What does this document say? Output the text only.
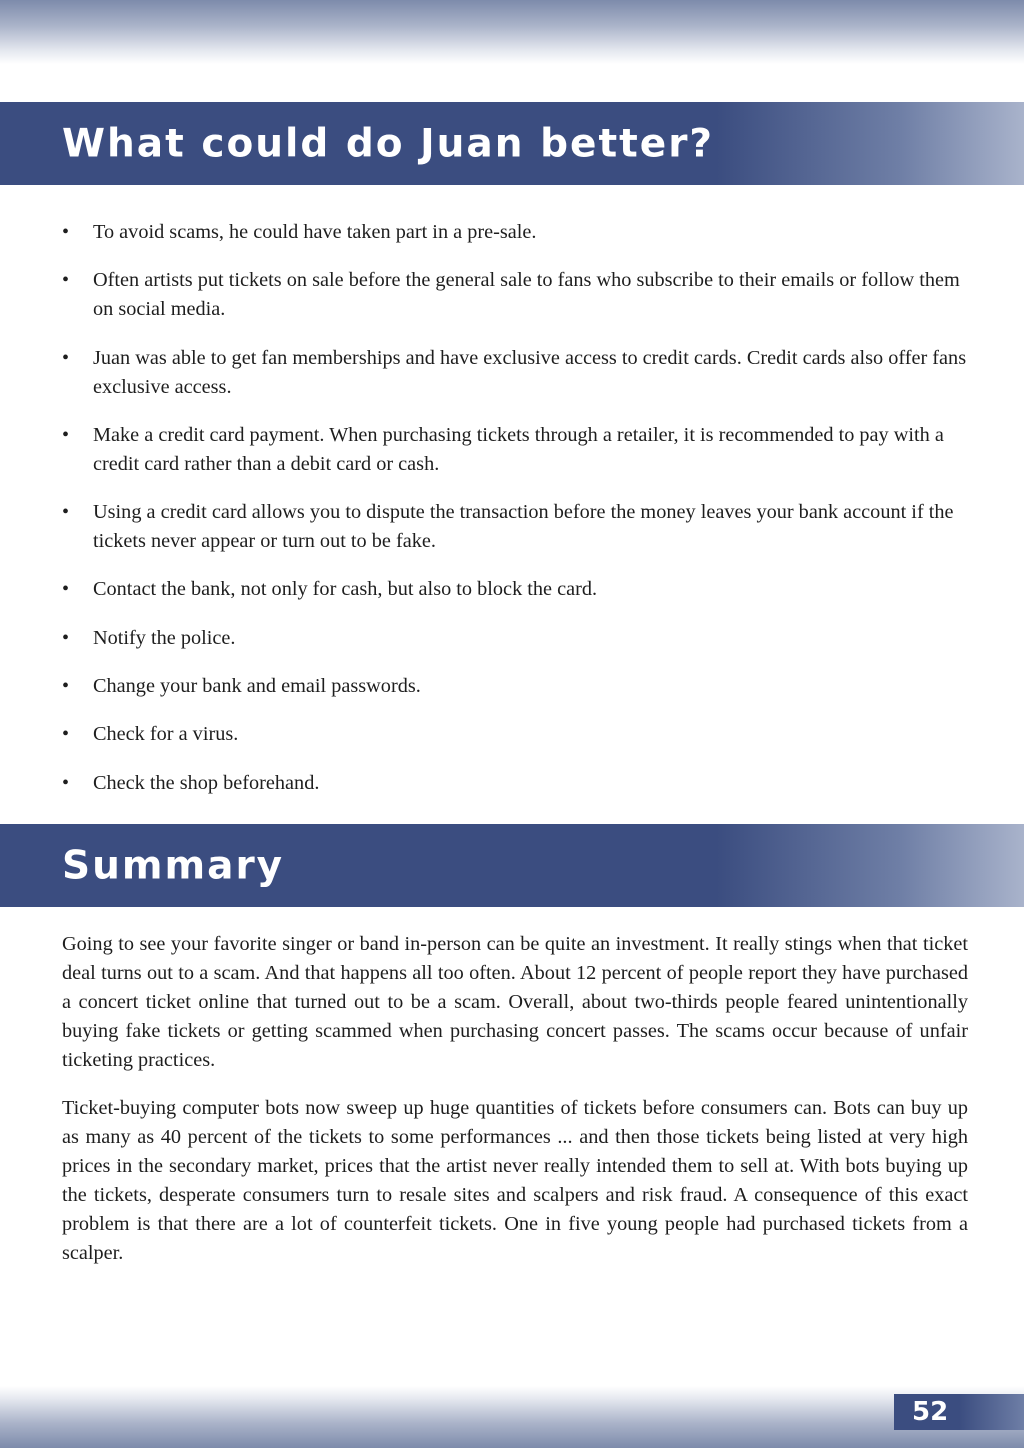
What could do Juan better?
• To avoid scams, he could have taken part in a pre-sale.
• Often artists put tickets on sale before the general sale to fans who subscribe to their emails or follow them on social media.
• Juan was able to get fan memberships and have exclusive access to credit cards. Credit cards also offer fans exclusive access.
• Make a credit card payment. When purchasing tickets through a retailer, it is recommended to pay with a credit card rather than a debit card or cash.
• Using a credit card allows you to dispute the transaction before the money leaves your bank account if the tickets never appear or turn out to be fake.
• Contact the bank, not only for cash, but also to block the card.
• Notify the police.
• Change your bank and email passwords.
• Check for a virus.
• Check the shop beforehand.
Summary

Going to see your favorite singer or band in-person can be quite an investment. It really stings when that ticket deal turns out to a scam. And that happens all too often. About 12 percent of people report they have purchased a concert ticket online that turned out to be a scam. Overall, about two-thirds people feared unintentionally buying fake tickets or getting scammed when purchasing concert passes. The scams occur because of unfair ticketing practices.

Ticket-buying computer bots now sweep up huge quantities of tickets before consumers can. Bots can buy up as many as 40 percent of the tickets to some performances ... and then those tickets being listed at very high prices in the secondary market, prices that the artist never really intended them to sell at. With bots buying up the tickets, desperate consumers turn to resale sites and scalpers and risk fraud. A consequence of this exact problem is that there are a lot of counterfeit tickets. One in five young people had purchased tickets from a scalper.

52
